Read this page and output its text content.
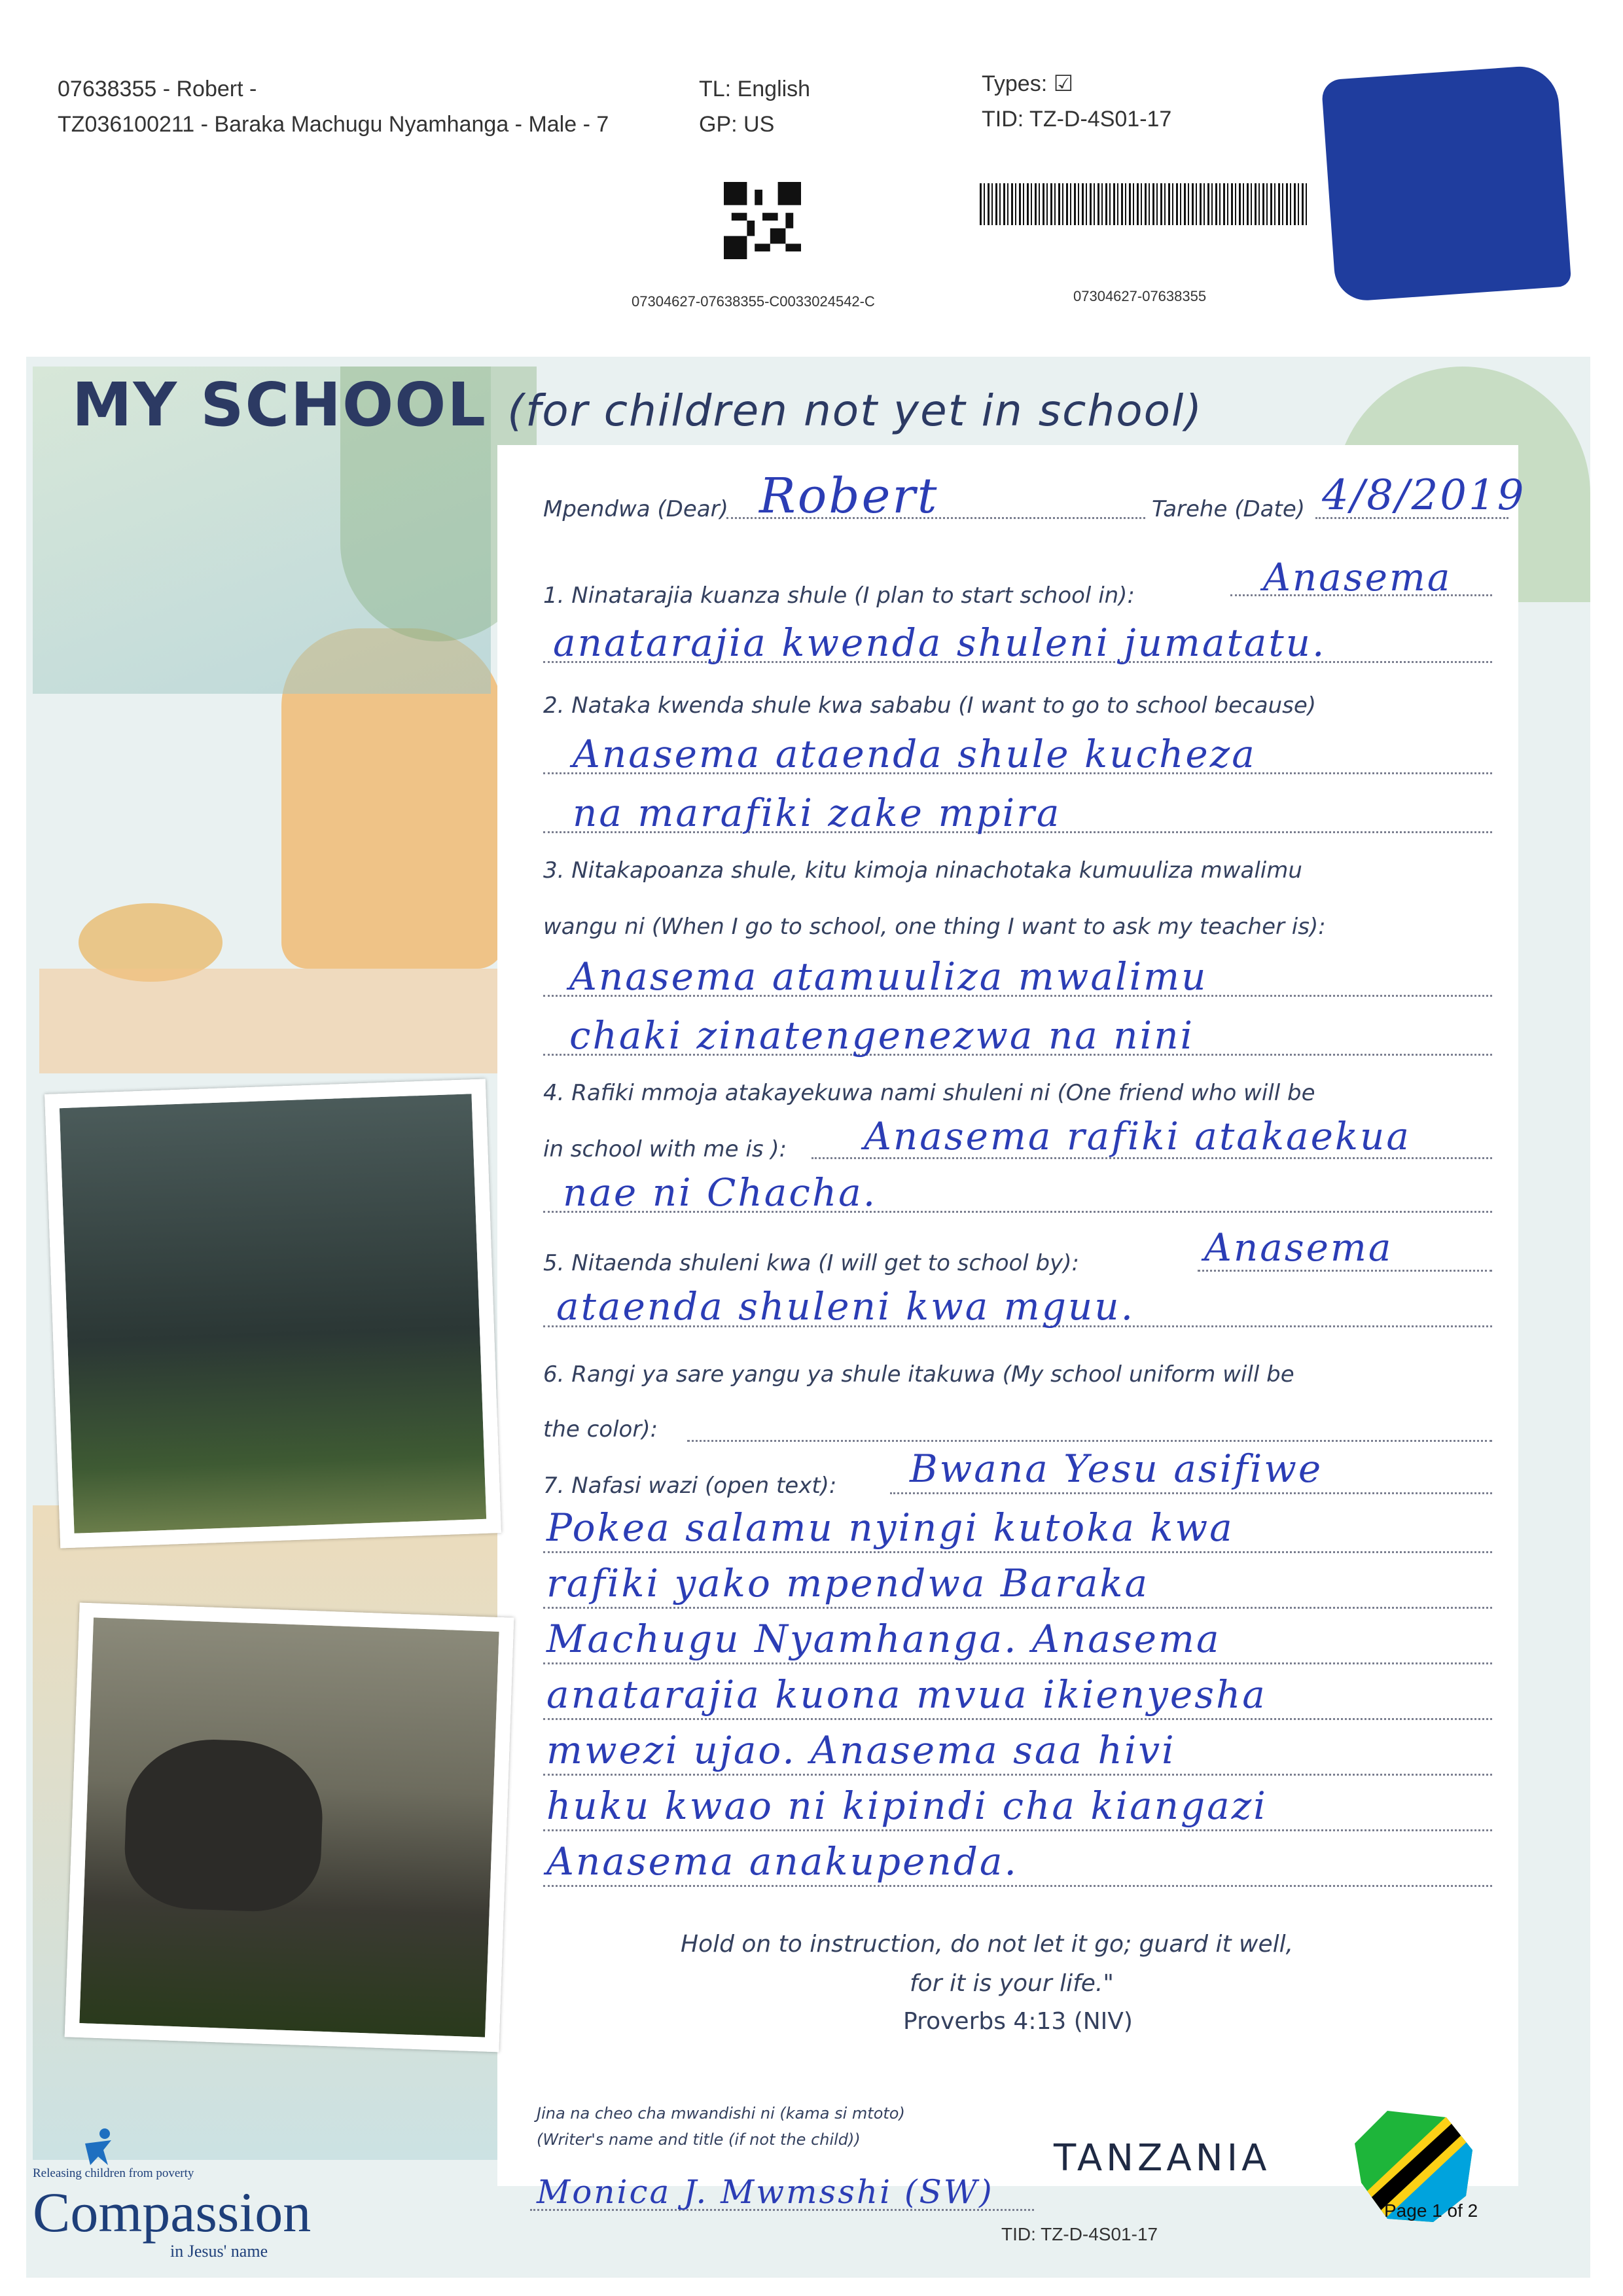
07638355 - Robert -
TZ036100211 - Baraka Machugu Nyamhanga - Male - 7
TL: English
GP: US
Types: ☑
TID: TZ-D-4S01-17
07304627-07638355-C0033024542-C	07304627-07638355
MY SCHOOL (for children not yet in school)
Mpendwa (Dear) Robert	Tarehe (Date) 4/8/2019
1. Ninatarajia kuanza shule (I plan to start school in):	Anasema
anatarajia kwenda shuleni jumatatu.
2. Nataka kwenda shule kwa sababu (I want to go to school because)
Anasema ataenda shule kucheza
na marafiki zake mpira
3. Nitakapoanza shule, kitu kimoja ninachotaka kumuuliza mwalimu
wangu ni (When I go to school, one thing I want to ask my teacher is):
Anasema atamuuliza mwalimu
chaki zinatengenezwa na nini
4. Rafiki mmoja atakayekuwa nami shuleni ni (One friend who will be
in school with me is ): Anasema rafiki atakaekua
nae ni Chacha.
5. Nitaenda shuleni kwa (I will get to school by):	Anasema
ataenda shuleni kwa mguu.
6. Rangi ya sare yangu ya shule itakuwa (My school uniform will be
the color):
7. Nafasi wazi (open text): Bwana Yesu asifiwe
Pokea salamu nyingi kutoka kwa
rafiki yako mpendwa Baraka
Machugu Nyamhanga. Anasema
anatarajia kuona mvua ikienyesha
mwezi ujao. Anasema saa hivi
huku kwao ni kipindi cha kiangazi
Anasema anakupenda.
Hold on to instruction, do not let it go; guard it well,
for it is your life."
Proverbs 4:13 (NIV)
Jina na cheo cha mwandishi ni (kama si mtoto)
(Writer's name and title (if not the child))
Monica J. Mwmsshi (SW)
TANZANIA
Page 1 of 2
TID: TZ-D-4S01-17
Releasing children from poverty
Compassion
in Jesus' name
